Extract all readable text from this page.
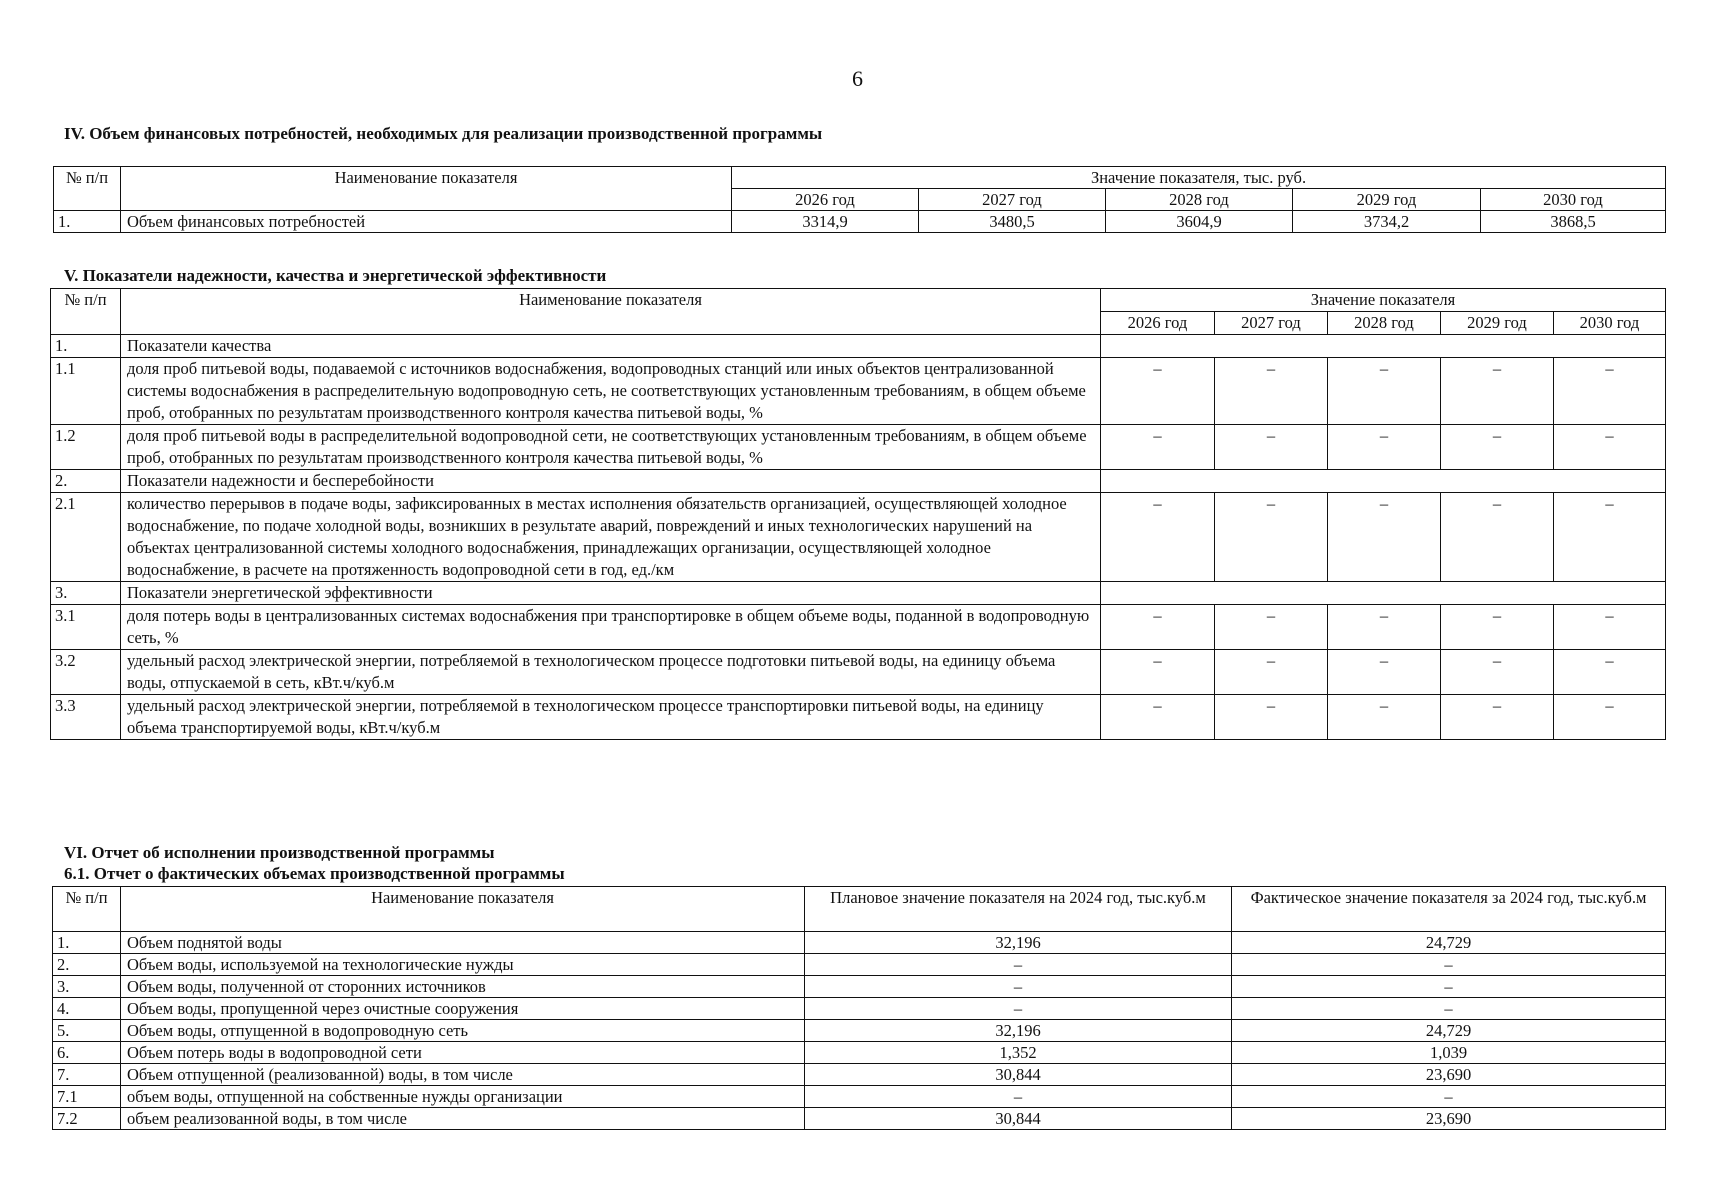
6
IV. Объем финансовых потребностей, необходимых для реализации производственной программы
№ п/п	Наименование показателя	Значение показателя, тыс. руб.				
		2026 год	2027 год	2028 год	2029 год	2030 год
1.	Объем финансовых потребностей	3314,9	3480,5	3604,9	3734,2	3868,5
V. Показатели надежности, качества и энергетической эффективности
№ п/п	Наименование показателя	Значение показателя				
		2026 год	2027 год	2028 год	2029 год	2030 год
1.	Показатели качества					
1.1	доля проб питьевой воды, подаваемой с источников водоснабжения, водопроводных станций или иных объектов централизованной системы водоснабжения в распределительную водопроводную сеть, не соответствующих установленным требованиям, в общем объеме проб, отобранных по результатам производственного контроля качества питьевой воды, %	–	–	–	–	–
1.2	доля проб питьевой воды в распределительной водопроводной сети, не соответствующих установленным требованиям, в общем объеме проб, отобранных по результатам производственного контроля качества питьевой воды, %	–	–	–	–	–
2.	Показатели надежности и бесперебойности					
2.1	количество перерывов в подаче воды, зафиксированных в местах исполнения обязательств организацией, осуществляющей холодное водоснабжение, по подаче холодной воды, возникших в результате аварий, повреждений и иных технологических нарушений на объектах централизованной системы холодного водоснабжения, принадлежащих организации, осуществляющей холодное водоснабжение, в расчете на протяженность водопроводной сети в год, ед./км	–	–	–	–	–
3.	Показатели энергетической эффективности					
3.1	доля потерь воды в централизованных системах водоснабжения при транспортировке в общем объеме воды, поданной в водопроводную сеть, %	–	–	–	–	–
3.2	удельный расход электрической энергии, потребляемой в технологическом процессе подготовки питьевой воды, на единицу объема воды, отпускаемой в сеть, кВт.ч/куб.м	–	–	–	–	–
3.3	удельный расход электрической энергии, потребляемой в технологическом процессе транспортировки питьевой воды, на единицу объема транспортируемой воды, кВт.ч/куб.м	–	–	–	–	–
VI. Отчет об исполнении производственной программы
6.1. Отчет о фактических объемах производственной программы
№ п/п	Наименование показателя	Плановое значение показателя на 2024 год, тыс.куб.м	Фактическое значение показателя за 2024 год, тыс.куб.м
1.	Объем поднятой воды	32,196	24,729
2.	Объем воды, используемой на технологические нужды	–	–
3.	Объем воды, полученной от сторонних источников	–	–
4.	Объем воды, пропущенной через очистные сооружения	–	–
5.	Объем воды, отпущенной в водопроводную сеть	32,196	24,729
6.	Объем потерь воды в водопроводной сети	1,352	1,039
7.	Объем отпущенной (реализованной) воды, в том числе	30,844	23,690
7.1	объем воды, отпущенной на собственные нужды организации	–	–
7.2	объем реализованной воды, в том числе	30,844	23,690
